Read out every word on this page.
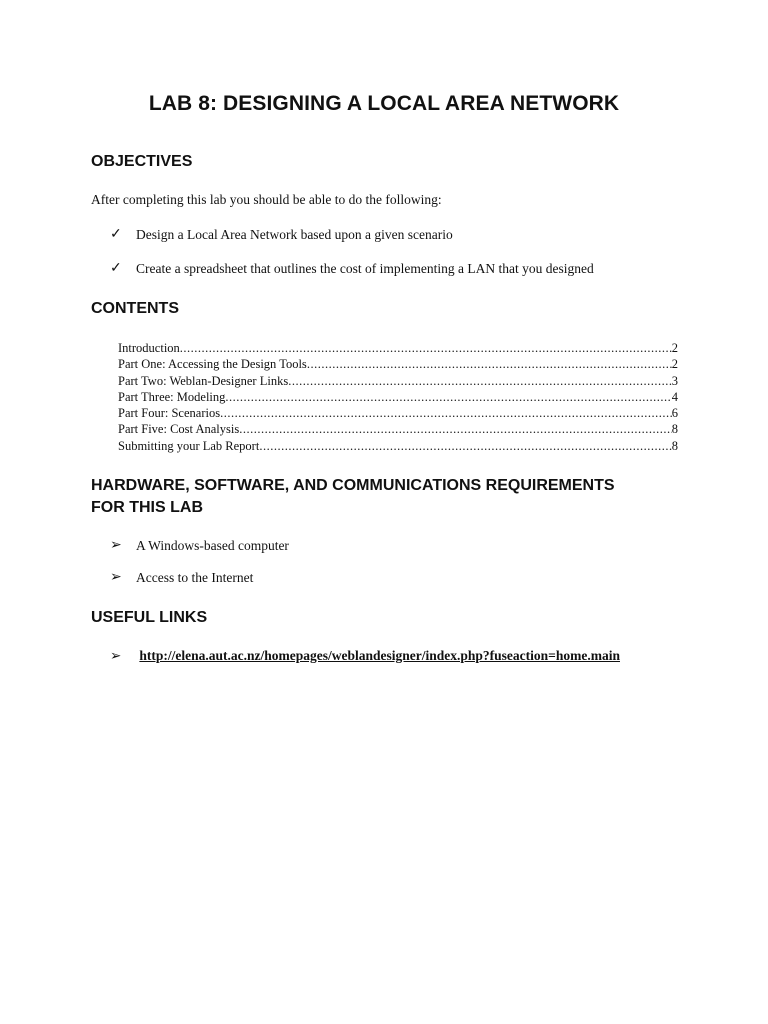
LAB 8: DESIGNING A LOCAL AREA NETWORK
OBJECTIVES

After completing this lab you should be able to do the following:

✓	Design a Local Area Network based upon a given scenario
✓	Create a spreadsheet that outlines the cost of implementing a LAN that you designed
CONTENTS
Introduction .....	2
Part One: Accessing the Design Tools .....	2
Part Two: Weblan-Designer Links .....	3
Part Three: Modeling .....	4
Part Four: Scenarios .....	6
Part Five: Cost Analysis .....	8
Submitting your Lab Report .....	8
HARDWARE, SOFTWARE, AND COMMUNICATIONS REQUIREMENTS
FOR THIS LAB
➢	A Windows-based computer
➢	Access to the Internet
USEFUL LINKS
➢ http://elena.aut.ac.nz/homepages/weblandesigner/index.php?fuseaction=home.main
